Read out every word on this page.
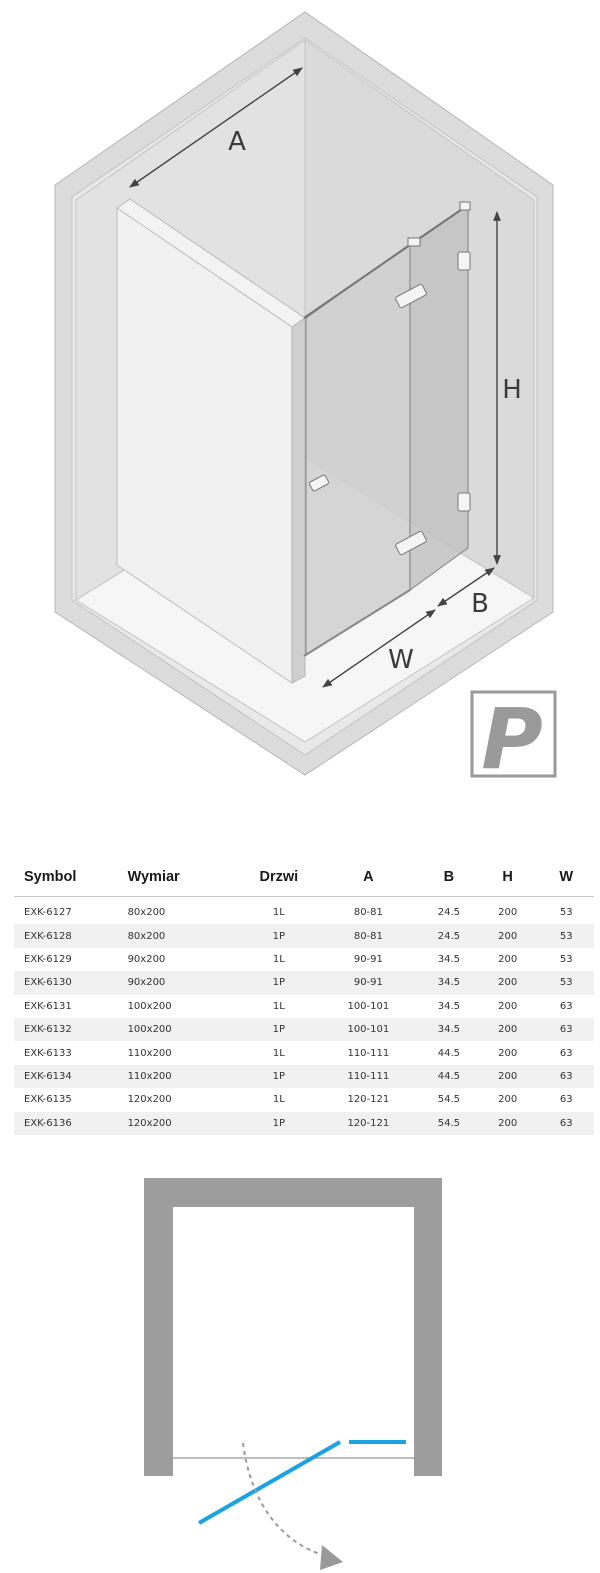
A
H
B
W
P
Symbol	Wymiar	Drzwi	A	B	H	W
EXK-6127	80x200	1L	80-81	24.5	200	53
EXK-6128	80x200	1P	80-81	24.5	200	53
EXK-6129	90x200	1L	90-91	34.5	200	53
EXK-6130	90x200	1P	90-91	34.5	200	53
EXK-6131	100x200	1L	100-101	34.5	200	63
EXK-6132	100x200	1P	100-101	34.5	200	63
EXK-6133	110x200	1L	110-111	44.5	200	63
EXK-6134	110x200	1P	110-111	44.5	200	63
EXK-6135	120x200	1L	120-121	54.5	200	63
EXK-6136	120x200	1P	120-121	54.5	200	63
